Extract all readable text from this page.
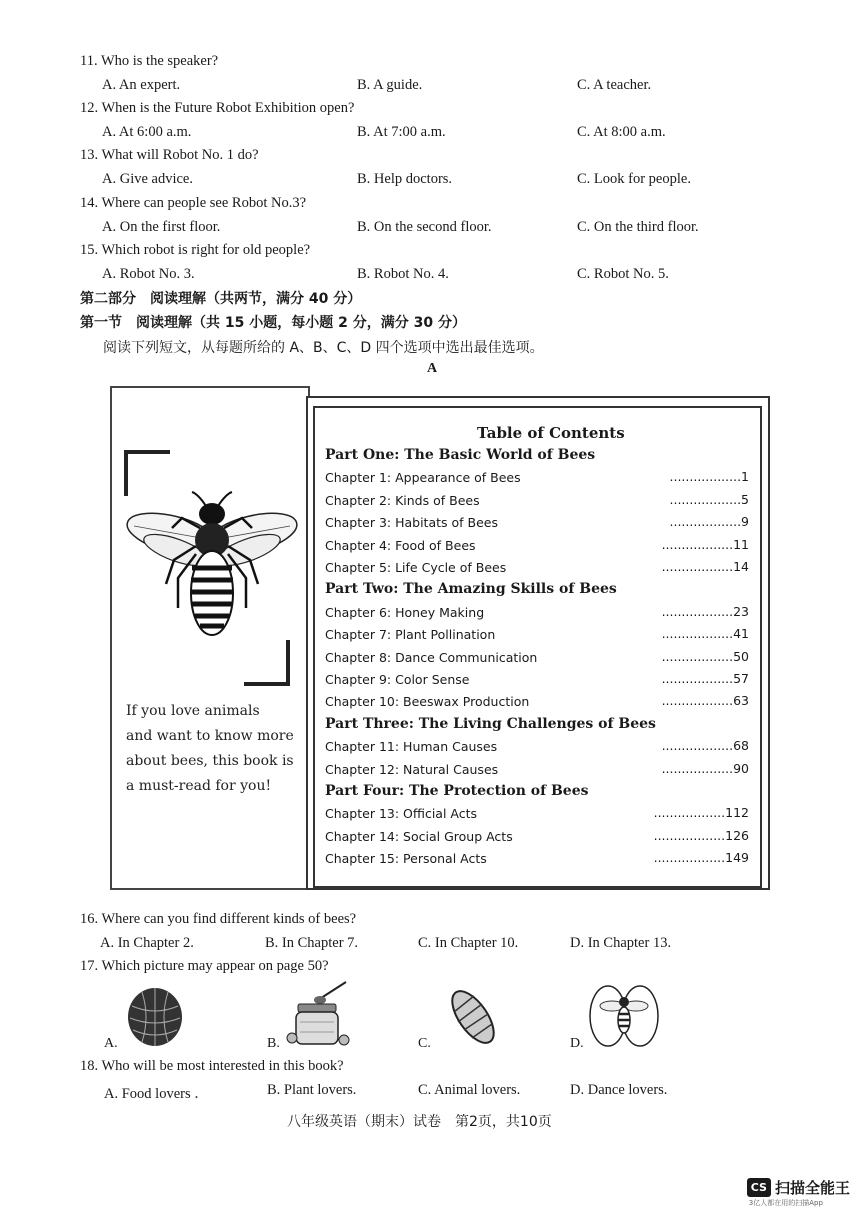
11. Who is the speaker?
A. An expert.	B. A guide.	C. A teacher.
12. When is the Future Robot Exhibition open?
A. At 6:00 a.m.	B. At 7:00 a.m.	C. At 8:00 a.m.
13. What will Robot No. 1 do?
A. Give advice.	B. Help doctors.	C. Look for people.
14. Where can people see Robot No.3?
A. On the first floor.	B. On the second floor.	C. On the third floor.
15. Which robot is right for old people?
A. Robot No. 3.	B. Robot No. 4.	C. Robot No. 5.
第二部分　阅读理解（共两节，满分 40 分）
第一节　阅读理解（共 15 小题，每小题 2 分，满分 30 分）
阅读下列短文，从每题所给的 A、B、C、D 四个选项中选出最佳选项。
A
If you love animals
and want to know more
about bees, this book is
a must-read for you!
Table of Contents
Part One: The Basic World of Bees
Chapter 1: Appearance of Bees	..................1
Chapter 2: Kinds of Bees	..................5
Chapter 3: Habitats of Bees	..................9
Chapter 4: Food of Bees	..................11
Chapter 5: Life Cycle of Bees	..................14
Part Two: The Amazing Skills of Bees
Chapter 6: Honey Making	..................23
Chapter 7: Plant Pollination	..................41
Chapter 8: Dance Communication	..................50
Chapter 9: Color Sense	..................57
Chapter 10: Beeswax Production	..................63
Part Three: The Living Challenges of Bees
Chapter 11: Human Causes	..................68
Chapter 12: Natural Causes	..................90
Part Four: The Protection of Bees
Chapter 13: Official Acts	..................112
Chapter 14: Social Group Acts	..................126
Chapter 15: Personal Acts	..................149
16. Where can you find different kinds of bees?
A. In Chapter 2.	B. In Chapter 7.	C. In Chapter 10.	D. In Chapter 13.
17. Which picture may appear on page 50?
A.	B.	C.	D.
18. Who will be most interested in this book?
A. Food lovers ．	B. Plant lovers.	C. Animal lovers.	D. Dance lovers.
八年级英语（期末）试卷　第2页，共10页
CS 扫描全能王
3亿人都在用的扫描App
